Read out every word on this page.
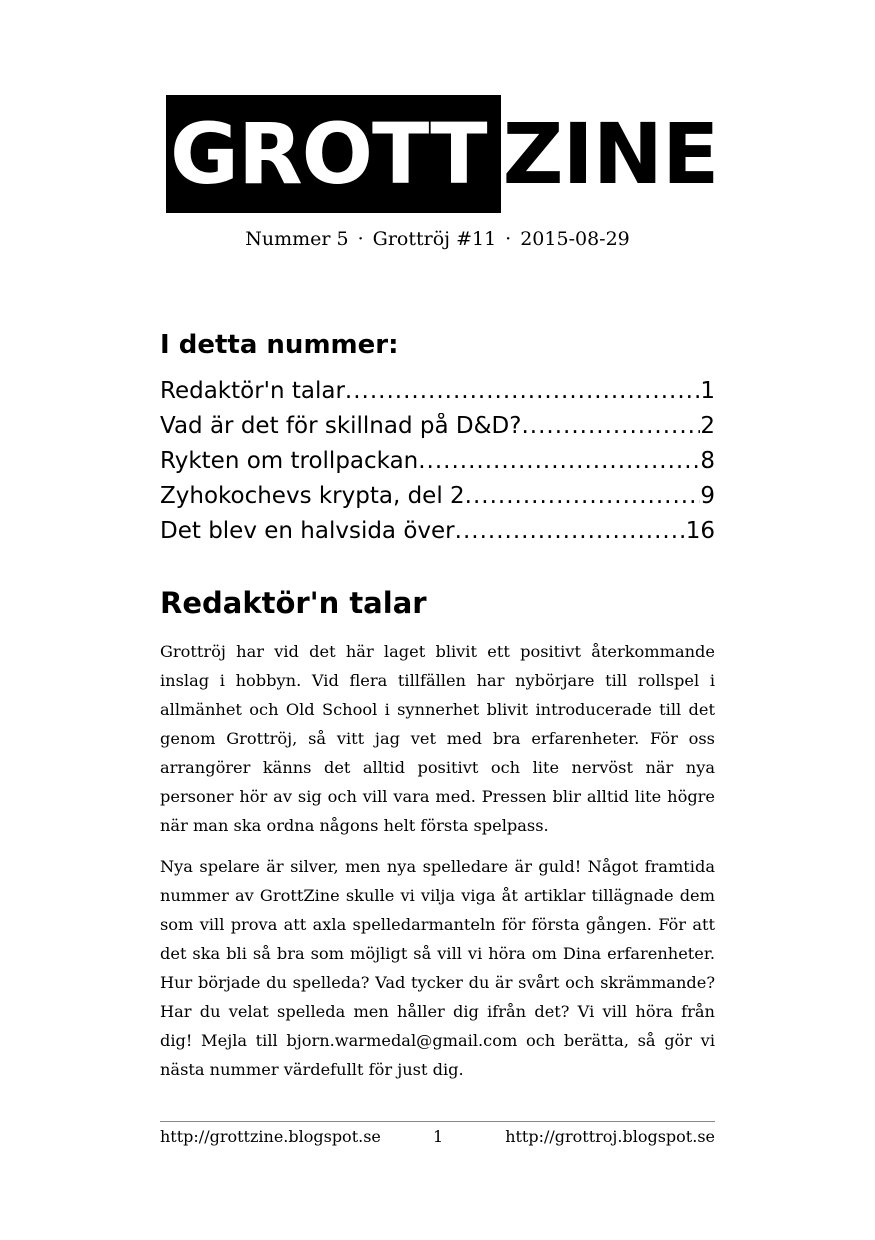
GROTT ZINE
Nummer 5 · Grottröj #11 · 2015-08-29
I detta nummer:
Redaktör'n talar .....	1
Vad är det för skillnad på D&D? .....	2
Rykten om trollpackan .....	8
Zyhokochevs krypta, del 2 .....	9
Det blev en halvsida över .....	16
Redaktör'n talar

Grottröj har vid det här laget blivit ett positivt återkommande inslag i hobbyn. Vid flera tillfällen har nybörjare till rollspel i allmänhet och Old School i synnerhet blivit introducerade till det genom Grottröj, så vitt jag vet med bra erfarenheter. För oss arrangörer känns det alltid positivt och lite nervöst när nya personer hör av sig och vill vara med. Pressen blir alltid lite högre när man ska ordna någons helt första spelpass.

Nya spelare är silver, men nya spelledare är guld! Något framtida nummer av GrottZine skulle vi vilja viga åt artiklar tillägnade dem som vill prova att axla spelledarmanteln för första gången. För att det ska bli så bra som möjligt så vill vi höra om Dina erfarenheter. Hur började du spelleda? Vad tycker du är svårt och skrämmande? Har du velat spelleda men håller dig ifrån det? Vi vill höra från dig! Mejla till bjorn.warmedal@gmail.com och berätta, så gör vi nästa nummer värdefullt för just dig.

http://grottzine.blogspot.se	1	http://grottroj.blogspot.se
